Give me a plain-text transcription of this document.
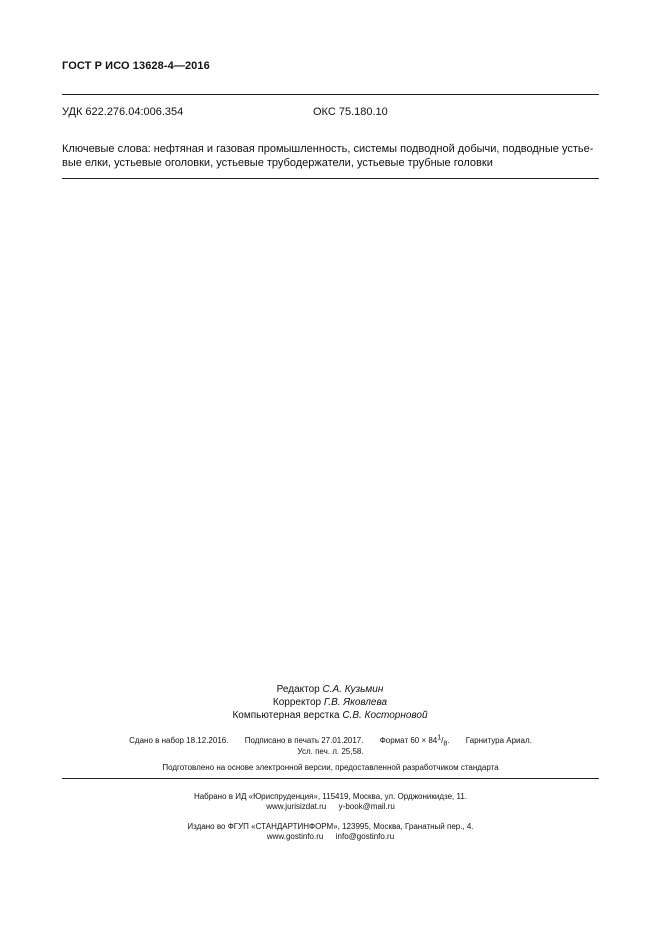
ГОСТ Р ИСО 13628-4—2016
УДК 622.276.04:006.354	ОКС 75.180.10
Ключевые слова: нефтяная и газовая промышленность, системы подводной добычи, подводные устье-вые елки, устьевые оголовки, устьевые трубодержатели, устьевые трубные головки
Редактор С.А. Кузьмин
Корректор Г.В. Яковлева
Компьютерная верстка С.В. Косторновой
Сдано в набор 18.12.2016. Подписано в печать 27.01.2017. Формат $60 \times 84^1/_8$. Гарнитура Ариал.
Усл. печ. л. 25,58.
Подготовлено на основе электронной версии, предоставленной разработчиком стандарта
Набрано в ИД «Юриспруденция», 115419, Москва, ул. Орджоникидзе, 11.
www.jurisizdat.ru y-book@mail.ru
Издано во ФГУП «СТАНДАРТИНФОРМ», 123995, Москва, Гранатный пер., 4.
www.gostinfo.ru info@gostinfo.ru
